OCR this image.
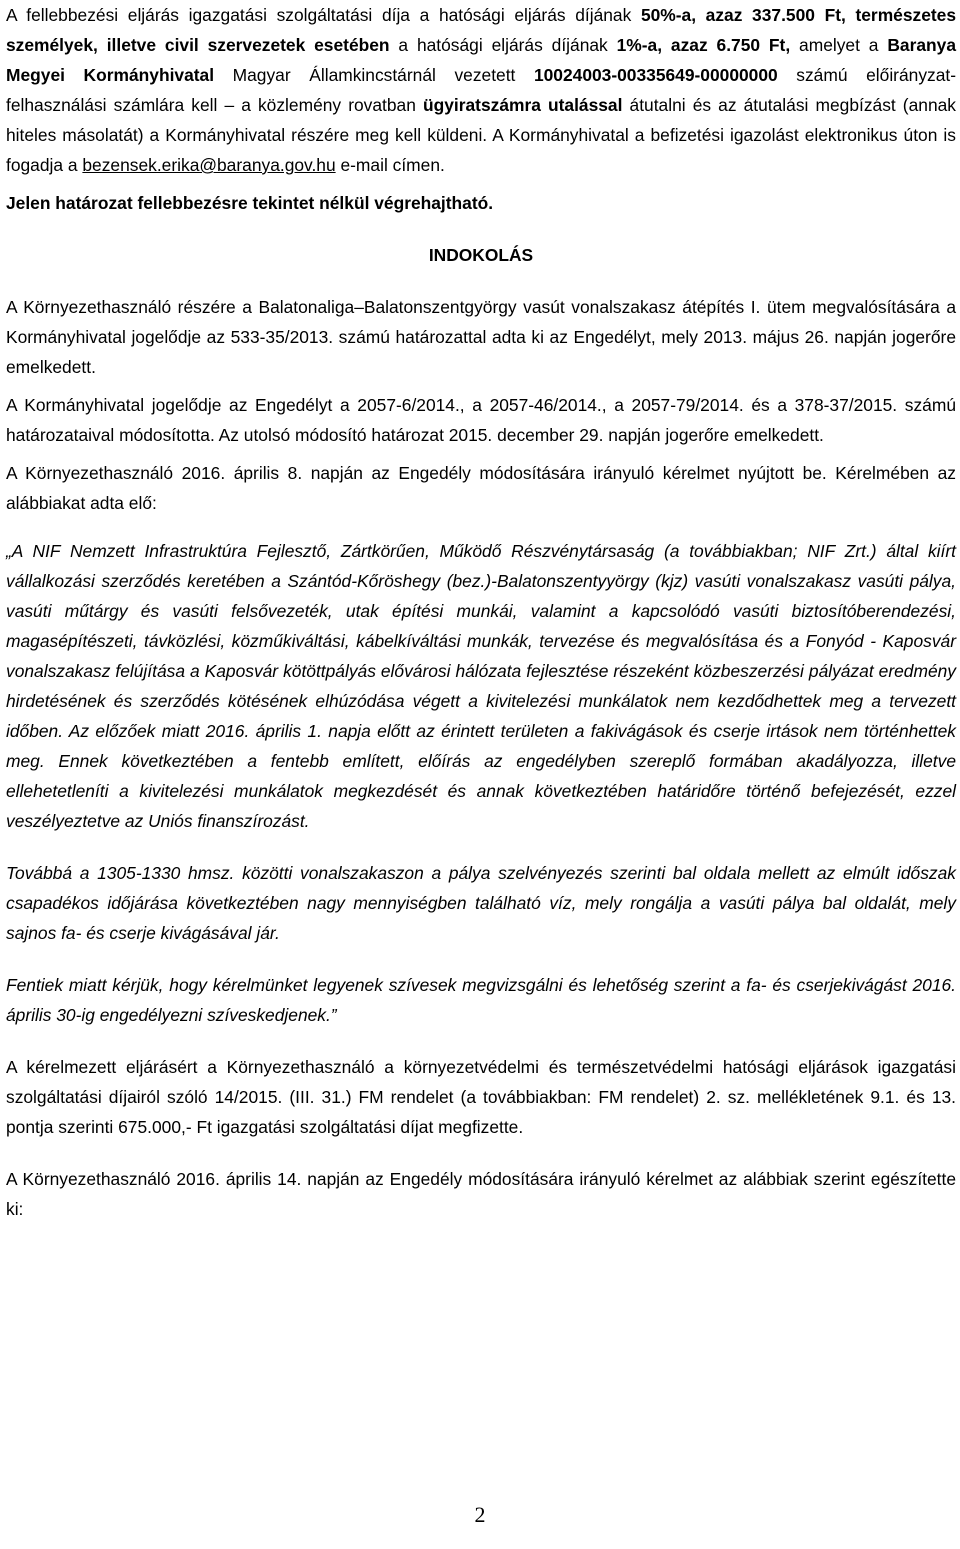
A fellebbezési eljárás igazgatási szolgáltatási díja a hatósági eljárás díjának 50%-a, azaz 337.500 Ft, természetes személyek, illetve civil szervezetek esetében a hatósági eljárás díjának 1%-a, azaz 6.750 Ft, amelyet a Baranya Megyei Kormányhivatal Magyar Államkincstárnál vezetett 10024003-00335649-00000000 számú előirányzat-felhasználási számlára kell – a közlemény rovatban ügyiratszámra utalással átutalni és az átutalási megbízást (annak hiteles másolatát) a Kormányhivatal részére meg kell küldeni. A Kormányhivatal a befizetési igazolást elektronikus úton is fogadja a bezensek.erika@baranya.gov.hu e-mail címen.

Jelen határozat fellebbezésre tekintet nélkül végrehajtható.

INDOKOLÁS

A Környezethasználó részére a Balatonaliga–Balatonszentgyörgy vasút vonalszakasz átépítés I. ütem megvalósítására a Kormányhivatal jogelődje az 533-35/2013. számú határozattal adta ki az Engedélyt, mely 2013. május 26. napján jogerőre emelkedett.

A Kormányhivatal jogelődje az Engedélyt a 2057-6/2014., a 2057-46/2014., a 2057-79/2014. és a 378-37/2015. számú határozataival módosította. Az utolsó módosító határozat 2015. december 29. napján jogerőre emelkedett.

A Környezethasználó 2016. április 8. napján az Engedély módosítására irányuló kérelmet nyújtott be. Kérelmében az alábbiakat adta elő:

„A NIF Nemzett Infrastruktúra Fejlesztő, Zártkörűen, Működő Részvénytársaság (a továbbiakban; NIF Zrt.) által kiírt vállalkozási szerződés keretében a Szántód-Kőröshegy (bez.)-Balatonszentyyörgy (kjz) vasúti vonalszakasz vasúti pálya, vasúti műtárgy és vasúti felsővezeték, utak építési munkái, valamint a kapcsolódó vasúti biztosítóberendezési, magasépítészeti, távközlési, közműkiváltási, kábelkíváltási munkák, tervezése és megvalósítása és a Fonyód - Kaposvár vonalszakasz felújítása a Kaposvár kötöttpályás elővárosi hálózata fejlesztése részeként közbeszerzési pályázat eredmény hirdetésének és szerződés kötésének elhúzódása végett a kivitelezési munkálatok nem kezdődhettek meg a tervezett időben. Az előzőek miatt 2016. április 1. napja előtt az érintett területen a fakivágások és cserje irtások nem történhettek meg. Ennek következtében a fentebb említett, előírás az engedélyben szereplő formában akadályozza, illetve ellehetetleníti a kivitelezési munkálatok megkezdését és annak következtében határidőre történő befejezését, ezzel veszélyeztetve az Uniós finanszírozást.

Továbbá a 1305-1330 hmsz. közötti vonalszakaszon a pálya szelvényezés szerinti bal oldala mellett az elmúlt időszak csapadékos időjárása következtében nagy mennyiségben található víz, mely rongálja a vasúti pálya bal oldalát, mely sajnos fa- és cserje kivágásával jár.

Fentiek miatt kérjük, hogy kérelmünket legyenek szívesek megvizsgálni és lehetőség szerint a fa- és cserjekivágást 2016. április 30-ig engedélyezni szíveskedjenek.”

A kérelmezett eljárásért a Környezethasználó a környezetvédelmi és természetvédelmi hatósági eljárások igazgatási szolgáltatási díjairól szóló 14/2015. (III. 31.) FM rendelet (a továbbiakban: FM rendelet) 2. sz. mellékletének 9.1. és 13. pontja szerinti 675.000,- Ft igazgatási szolgáltatási díjat megfizette.

A Környezethasználó 2016. április 14. napján az Engedély módosítására irányuló kérelmet az alábbiak szerint egészítette ki:

2
